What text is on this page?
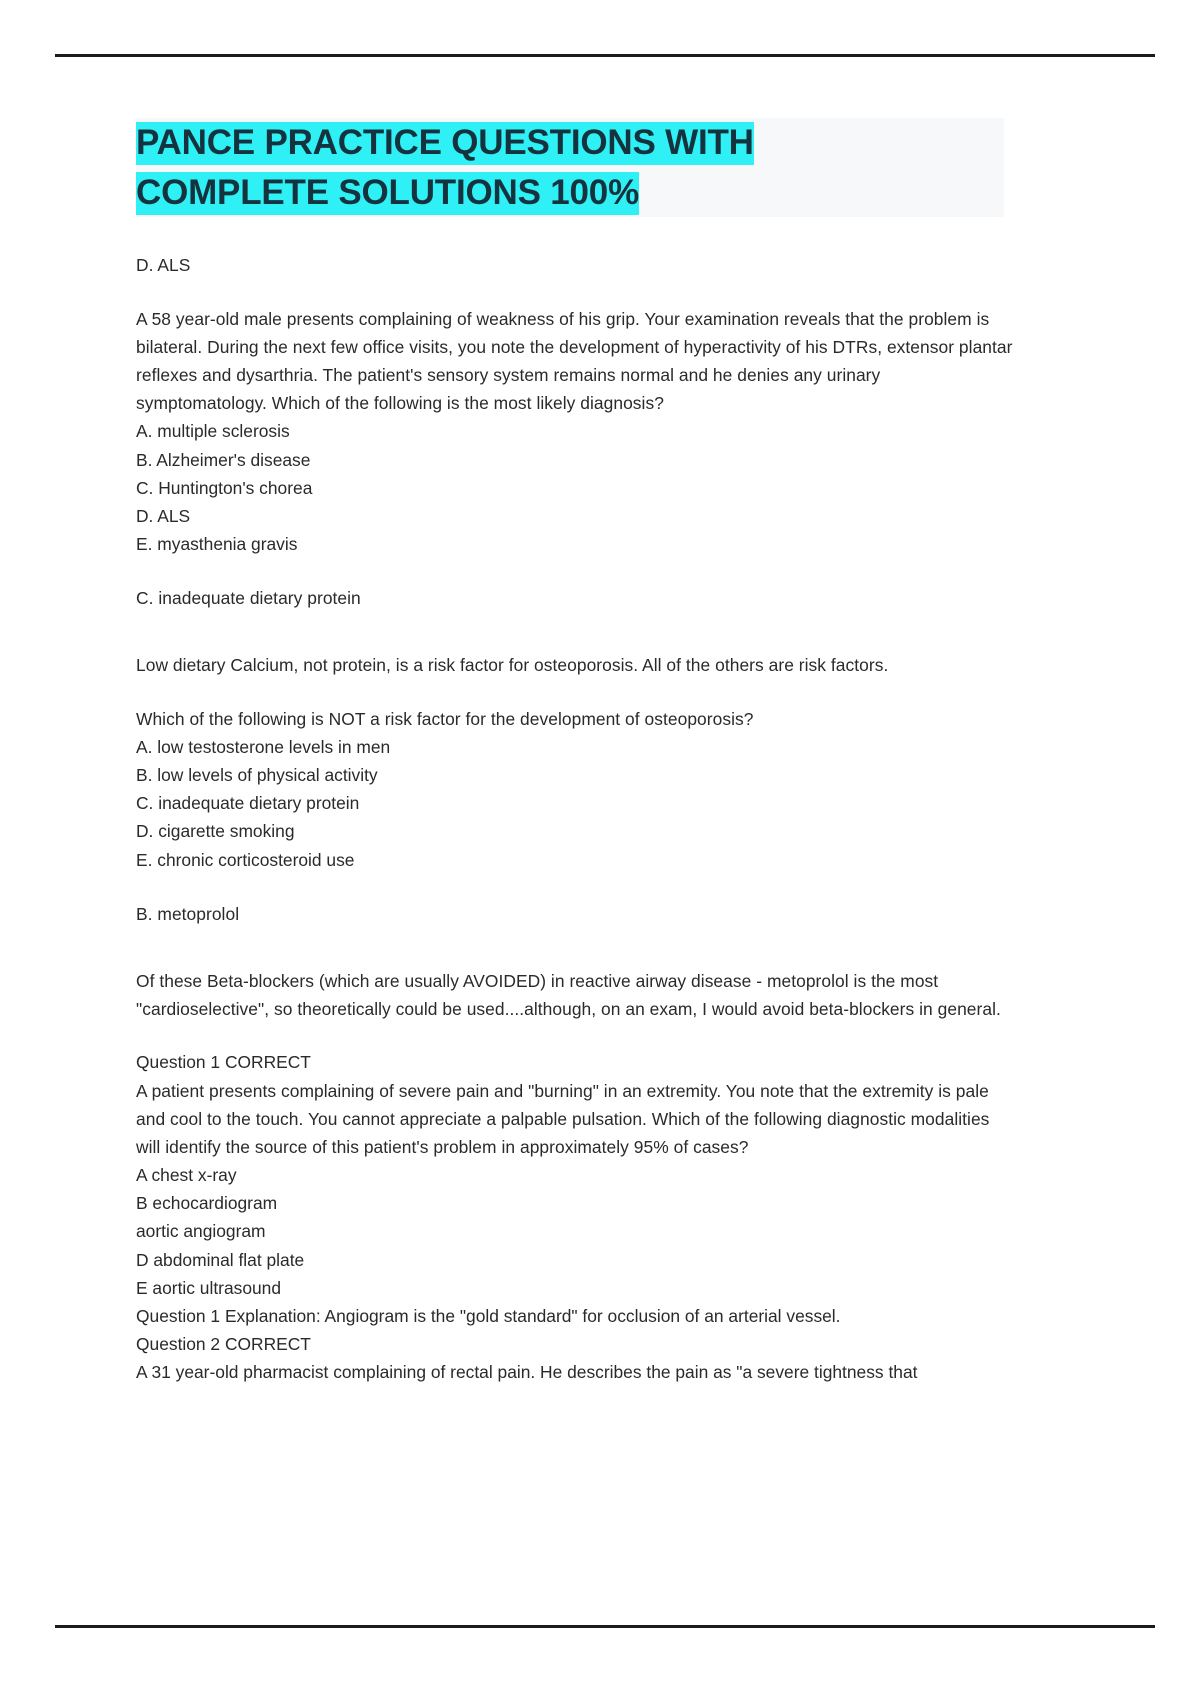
PANCE PRACTICE QUESTIONS WITH
COMPLETE SOLUTIONS 100%

D. ALS

A 58 year-old male presents complaining of weakness of his grip. Your examination reveals that the problem is bilateral. During the next few office visits, you note the development of hyperactivity of his DTRs, extensor plantar reflexes and dysarthria. The patient's sensory system remains normal and he denies any urinary symptomatology. Which of the following is the most likely diagnosis?

A. multiple sclerosis

B. Alzheimer's disease

C. Huntington's chorea

D. ALS

E. myasthenia gravis

C. inadequate dietary protein

Low dietary Calcium, not protein, is a risk factor for osteoporosis. All of the others are risk factors.

Which of the following is NOT a risk factor for the development of osteoporosis?

A. low testosterone levels in men

B. low levels of physical activity

C. inadequate dietary protein

D. cigarette smoking

E. chronic corticosteroid use

B. metoprolol

Of these Beta-blockers (which are usually AVOIDED) in reactive airway disease - metoprolol is the most "cardioselective", so theoretically could be used....although, on an exam, I would avoid beta-blockers in general.

Question 1 CORRECT

A patient presents complaining of severe pain and "burning" in an extremity. You note that the extremity is pale and cool to the touch. You cannot appreciate a palpable pulsation. Which of the following diagnostic modalities will identify the source of this patient's problem in approximately 95% of cases?

A chest x-ray

B echocardiogram

aortic angiogram

D abdominal flat plate

E aortic ultrasound

Question 1 Explanation: Angiogram is the "gold standard" for occlusion of an arterial vessel.

Question 2 CORRECT

A 31 year-old pharmacist complaining of rectal pain. He describes the pain as "a severe tightness that
